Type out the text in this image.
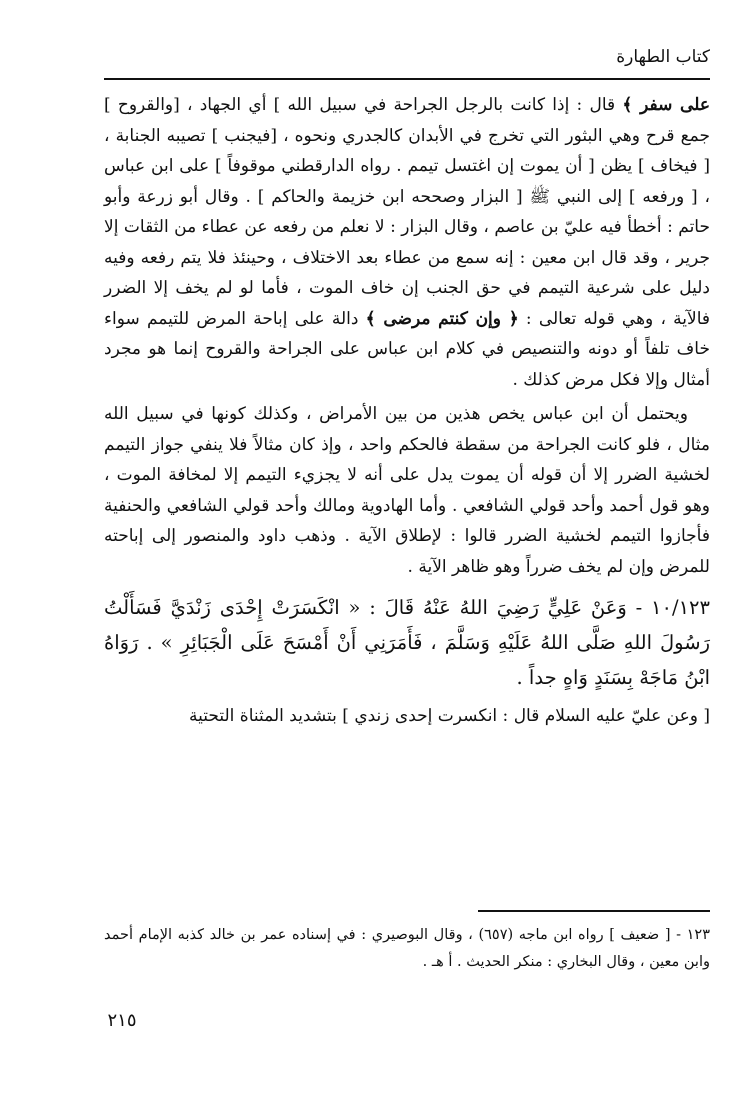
كتاب الطهارة

على سفر ﴾ قال : إذا كانت بالرجل الجراحة في سبيل الله ] أي الجهاد ، [والقروح ] جمع قرح وهي البثور التي تخرج في الأبدان كالجدري ونحوه ، [فيجنب ] تصيبه الجنابة ، [ فيخاف ] يظن [ أن يموت إن اغتسل تيمم . رواه الدارقطني موقوفاً ] على ابن عباس ، [ ورفعه ] إلى النبي ﷺ [ البزار وصححه ابن خزيمة والحاكم ] . وقال أبو زرعة وأبو حاتم : أخطأ فيه عليّ بن عاصم ، وقال البزار : لا نعلم من رفعه عن عطاء من الثقات إلا جرير ، وقد قال ابن معين : إنه سمع من عطاء بعد الاختلاف ، وحينئذ فلا يتم رفعه وفيه دليل على شرعية التيمم في حق الجنب إن خاف الموت ، فأما لو لم يخف إلا الضرر فالآية ، وهي قوله تعالى : ﴿ وإن كنتم مرضى ﴾ دالة على إباحة المرض للتيمم سواء خاف تلفاً أو دونه والتنصيص في كلام ابن عباس على الجراحة والقروح إنما هو مجرد أمثال وإلا فكل مرض كذلك .

ويحتمل أن ابن عباس يخص هذين من بين الأمراض ، وكذلك كونها في سبيل الله مثال ، فلو كانت الجراحة من سقطة فالحكم واحد ، وإذ كان مثالاً فلا ينفي جواز التيمم لخشية الضرر إلا أن قوله أن يموت يدل على أنه لا يجزيء التيمم إلا لمخافة الموت ، وهو قول أحمد وأحد قولي الشافعي . وأما الهادوية ومالك وأحد قولي الشافعي والحنفية فأجازوا التيمم لخشية الضرر قالوا : لإطلاق الآية . وذهب داود والمنصور إلى إباحته للمرض وإن لم يخف ضرراً وهو ظاهر الآية .

١٠/١٢٣ - وَعَنْ عَلِيٍّ رَضِيَ اللهُ عَنْهُ قَالَ : « انْكَسَرَتْ إِحْدَى زَنْدَيَّ فَسَأَلْتُ رَسُولَ اللهِ صَلَّى اللهُ عَلَيْهِ وَسَلَّمَ ، فَأَمَرَنِي أَنْ أَمْسَحَ عَلَى الْجَبَائِرِ » . رَوَاهُ ابْنُ مَاجَهْ بِسَنَدٍ وَاهٍ جداً .

[ وعن عليّ عليه السلام قال : انكسرت إحدى زندي ] بتشديد المثناة التحتية

١٢٣ - [ ضعيف ] رواه ابن ماجه (٦٥٧) ، وقال البوصيري : في إسناده عمر بن خالد كذبه الإمام أحمد وابن معين ، وقال البخاري : منكر الحديث . أ هـ .
٢١٥
